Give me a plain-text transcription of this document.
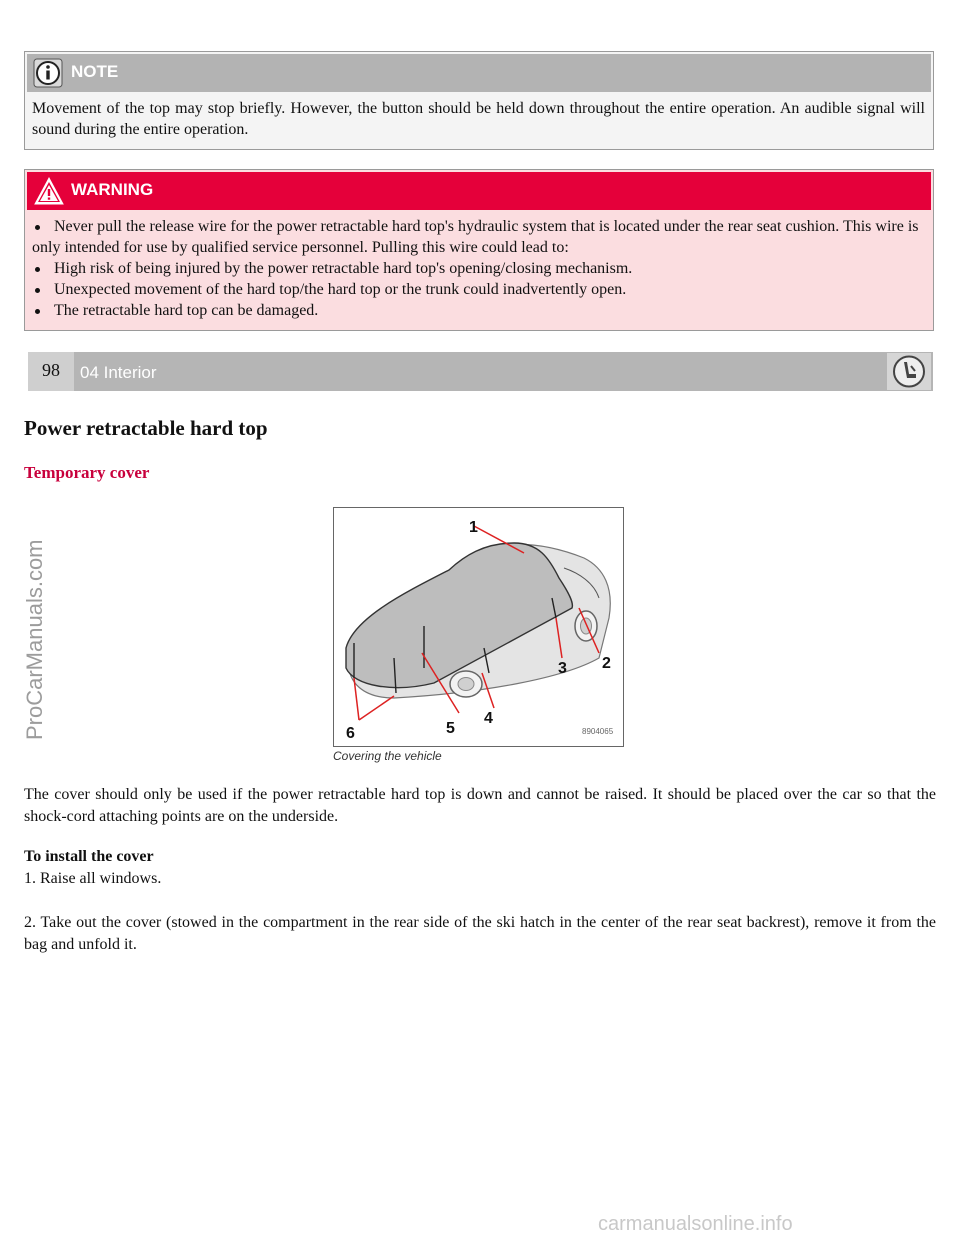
NOTE
Movement of the top may stop briefly. However, the button should be held down throughout the entire operation. An audible signal will sound during the entire operation.
WARNING
Never pull the release wire for the power retractable hard top's hydraulic system that is located under the rear seat cushion. This wire is only intended for use by qualified service personnel. Pulling this wire could lead to:
High risk of being injured by the power retractable hard top's opening/closing mechanism.
Unexpected movement of the hard top/the hard top or the trunk could inadvertently open.
The retractable hard top can be damaged.
98	04 Interior
ProCarManuals.com
Power retractable hard top
Temporary cover
1
2
3
4
5
6	8904065
Covering the vehicle
The cover should only be used if the power retractable hard top is down and cannot be raised. It should be placed over the car so that the shock-cord attaching points are on the underside.
To install the cover
1. Raise all windows.
2. Take out the cover (stowed in the compartment in the rear side of the ski hatch in the center of the rear seat backrest), remove it from the bag and unfold it.
carmanualsonline.info
